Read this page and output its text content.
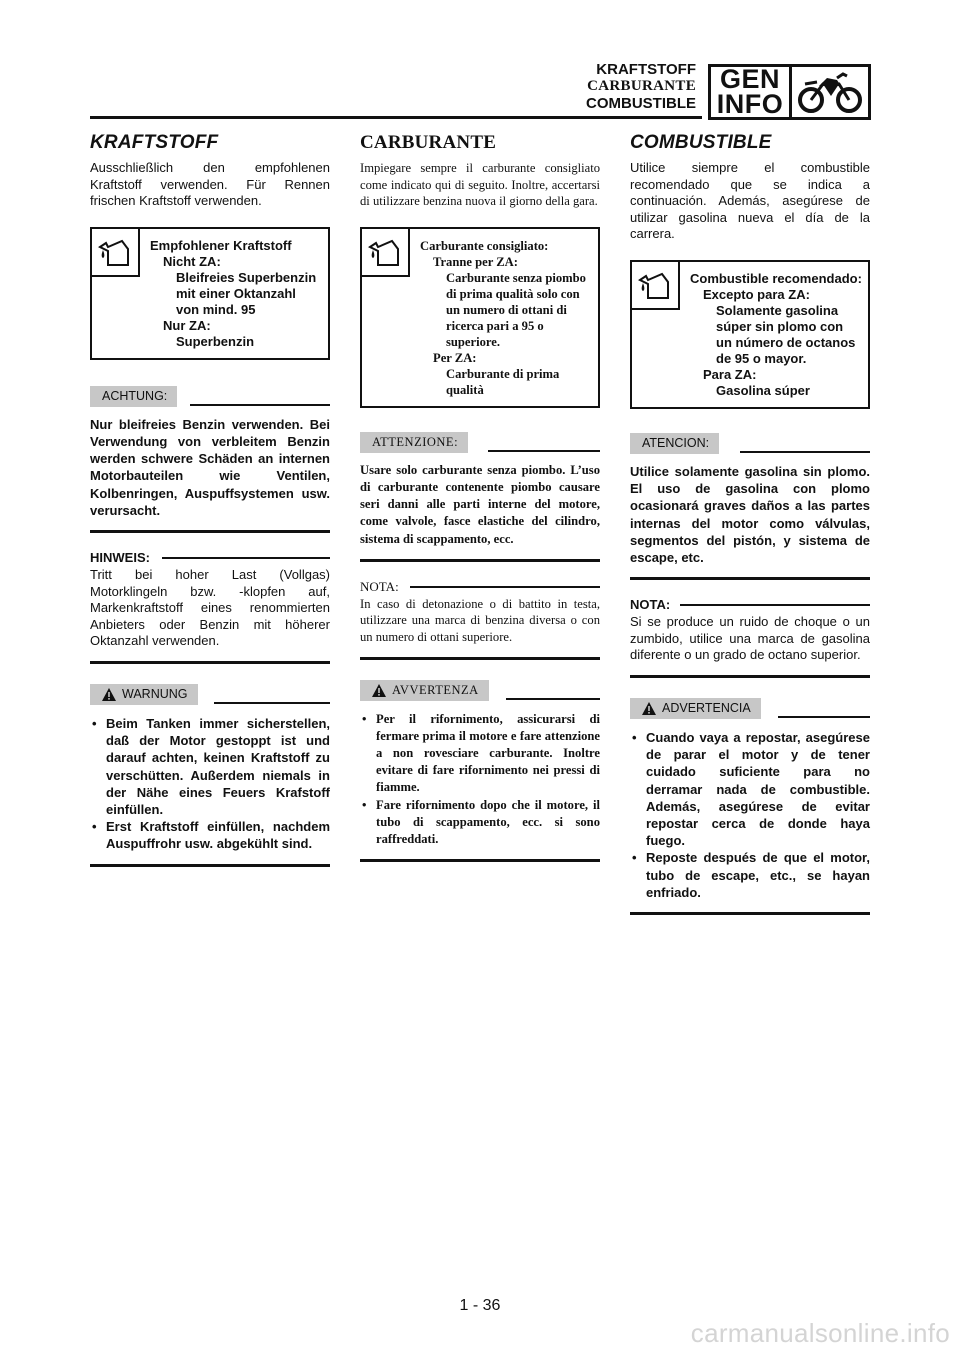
KRAFTSTOFF
CARBURANTE
COMBUSTIBLE
GEN
INFO
KRAFTSTOFF

Ausschließlich den empfohlenen Kraftstoff verwenden. Für Rennen frischen Kraftstoff verwenden.

Empfohlener Kraftstoff
Nicht ZA:
Bleifreies Superbenzin mit einer Oktanzahl von mind. 95
Nur ZA:
Superbenzin
ACHTUNG:
Nur bleifreies Benzin verwenden. Bei Verwendung von verbleitem Benzin werden schwere Schäden an internen Motorbauteilen wie Ventilen, Kolbenringen, Auspuffsystemen usw. verursacht.
HINWEIS:
Tritt bei hoher Last (Vollgas) Motorklingeln bzw. -klopfen auf, Markenkraftstoff eines renommierten Anbieters oder Benzin mit höherer Oktanzahl verwenden.
WARNUNG
• Beim Tanken immer sicherstellen, daß der Motor gestoppt ist und darauf achten, keinen Kraftstoff zu verschütten. Außerdem niemals in der Nähe eines Feuers Krafstoff einfüllen.
• Erst Kraftstoff einfüllen, nachdem Auspuffrohr usw. abgekühlt sind.
CARBURANTE

Impiegare sempre il carburante consigliato come indicato qui di seguito. Inoltre, accertarsi di utilizzare benzina nuova il giorno della gara.

Carburante consigliato:
Tranne per ZA:
Carburante senza piombo di prima qualità solo con un numero di ottani di ricerca pari a 95 o superiore.
Per ZA:
Carburante di prima qualità
ATTENZIONE:
Usare solo carburante senza piombo. L’uso di carburante contenente piombo causare seri danni alle parti interne del motore, come valvole, fasce elastiche del cilindro, sistema di scappamento, ecc.
NOTA:
In caso di detonazione o di battito in testa, utilizzare una marca di benzina diversa o con un numero di ottani superiore.
AVVERTENZA
• Per il rifornimento, assicurarsi di fermare prima il motore e fare attenzione a non rovesciare carburante. Inoltre evitare di fare rifornimento nei pressi di fiamme.
• Fare rifornimento dopo che il motore, il tubo di scappamento, ecc. si sono raffreddati.
COMBUSTIBLE

Utilice siempre el combustible recomendado que se indica a continuación. Además, asegúrese de utilizar gasolina nueva el día de la carrera.

Combustible recomendado:
Excepto para ZA:
Solamente gasolina súper sin plomo con un número de octanos de 95 o mayor.
Para ZA:
Gasolina súper
ATENCION:
Utilice solamente gasolina sin plomo. El uso de gasolina con plomo ocasionará graves daños a las partes internas del motor como válvulas, segmentos del pistón, y sistema de escape, etc.
NOTA:
Si se produce un ruido de choque o un zumbido, utilice una marca de gasolina diferente o un grado de octano superior.
ADVERTENCIA
• Cuando vaya a repostar, asegúrese de parar el motor y de tener cuidado suficiente para no derramar nada de combustible. Además, asegúrese de evitar repostar cerca de donde haya fuego.
• Reposte después de que el motor, tubo de escape, etc., se hayan enfriado.
1 - 36
carmanualsonline.info
